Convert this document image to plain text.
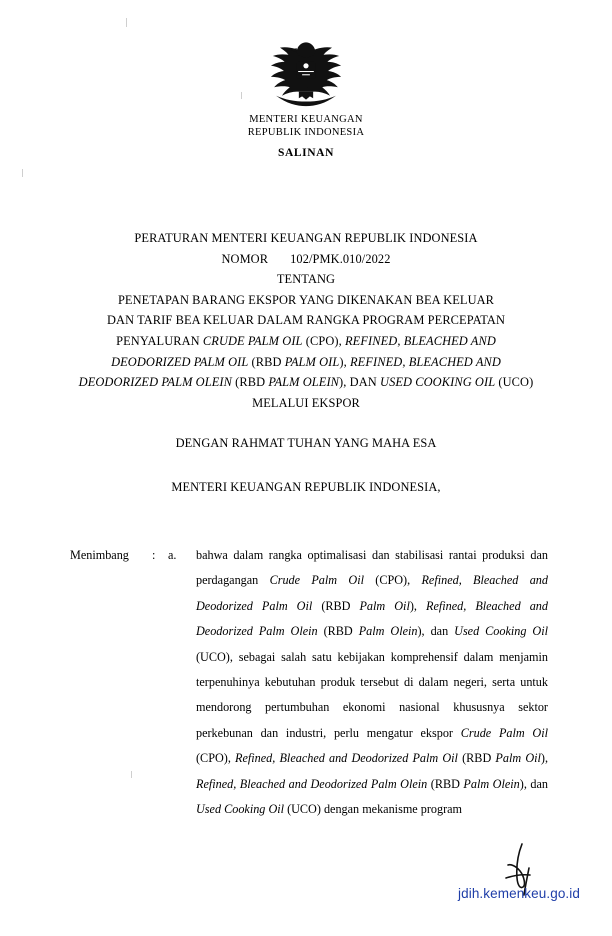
MENTERI KEUANGAN
REPUBLIK INDONESIA
SALINAN
PERATURAN MENTERI KEUANGAN REPUBLIK INDONESIA
NOMOR 102/PMK.010/2022
TENTANG
PENETAPAN BARANG EKSPOR YANG DIKENAKAN BEA KELUAR
DAN TARIF BEA KELUAR DALAM RANGKA PROGRAM PERCEPATAN
PENYALURAN CRUDE PALM OIL (CPO), REFINED, BLEACHED AND
DEODORIZED PALM OIL (RBD PALM OIL), REFINED, BLEACHED AND
DEODORIZED PALM OLEIN (RBD PALM OLEIN), DAN USED COOKING OIL (UCO)
MELALUI EKSPOR
DENGAN RAHMAT TUHAN YANG MAHA ESA
MENTERI KEUANGAN REPUBLIK INDONESIA,
Menimbang	:	a.	bahwa dalam rangka optimalisasi dan stabilisasi rantai produksi dan perdagangan Crude Palm Oil (CPO), Refined, Bleached and Deodorized Palm Oil (RBD Palm Oil), Refined, Bleached and Deodorized Palm Olein (RBD Palm Olein), dan Used Cooking Oil (UCO), sebagai salah satu kebijakan komprehensif dalam menjamin terpenuhinya kebutuhan produk tersebut di dalam negeri, serta untuk mendorong pertumbuhan ekonomi nasional khususnya sektor perkebunan dan industri, perlu mengatur ekspor Crude Palm Oil (CPO), Refined, Bleached and Deodorized Palm Oil (RBD Palm Oil), Refined, Bleached and Deodorized Palm Olein (RBD Palm Olein), dan Used Cooking Oil (UCO) dengan mekanisme program
jdih.kemenkeu.go.id
